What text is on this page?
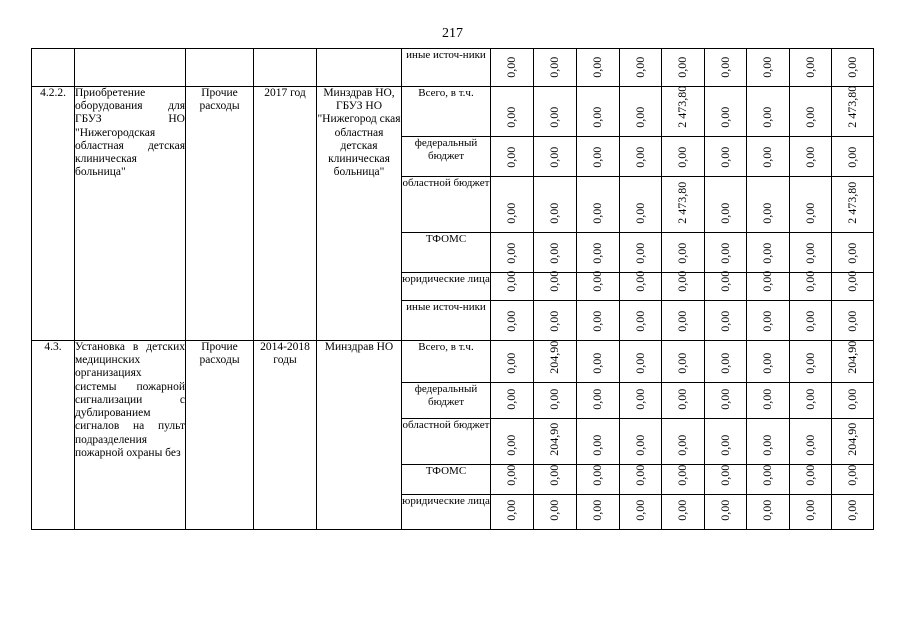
217
					иные источ-ники	0,00	0,00	0,00	0,00	0,00	0,00	0,00	0,00	0,00

4.2.2.	Приобретение оборудования для ГБУЗ НО "Нижегородская областная детская клиническая больница"	Прочие расходы	2017 год	Минздрав НО, ГБУЗ НО "Нижегород ская областная детская клиническая больница"	Всего, в т.ч.	0,00	0,00	0,00	0,00	2 473,80	0,00	0,00	0,00	2 473,80

					федеральный бюджет	0,00	0,00	0,00	0,00	0,00	0,00	0,00	0,00	0,00

					областной бюджет	0,00	0,00	0,00	0,00	2 473,80	0,00	0,00	0,00	2 473,80

					ТФОМС	0,00	0,00	0,00	0,00	0,00	0,00	0,00	0,00	0,00

					юридические лица	0,00	0,00	0,00	0,00	0,00	0,00	0,00	0,00	0,00

					иные источ-ники	0,00	0,00	0,00	0,00	0,00	0,00	0,00	0,00	0,00

4.3.	Установка в детских медицинских организациях системы пожарной сигнализации с дублированием сигналов на пульт подразделения пожарной охраны без	Прочие расходы	2014-2018 годы	Минздрав НО	Всего, в т.ч.	0,00	204,90	0,00	0,00	0,00	0,00	0,00	0,00	204,90

					федеральный бюджет	0,00	0,00	0,00	0,00	0,00	0,00	0,00	0,00	0,00

					областной бюджет	0,00	204,90	0,00	0,00	0,00	0,00	0,00	0,00	204,90

					ТФОМС	0,00	0,00	0,00	0,00	0,00	0,00	0,00	0,00	0,00

					юридические лица	0,00	0,00	0,00	0,00	0,00	0,00	0,00	0,00	0,00
